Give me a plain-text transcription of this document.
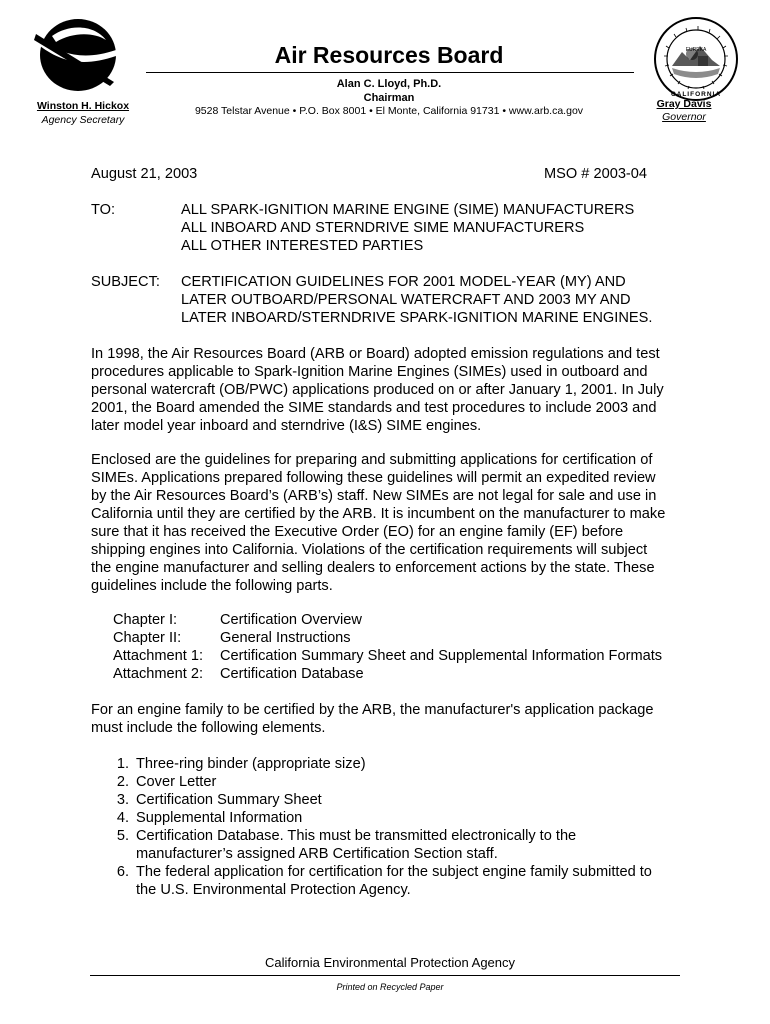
Air Resources Board
Alan C. Lloyd, Ph.D.
Chairman
9528 Telstar Avenue • P.O. Box 8001 • El Monte, California 91731 • www.arb.ca.gov
Winston H. Hickox
Agency Secretary
EUREKA
CALIFORNIA
Gray Davis
Governor
August 21, 2003	MSO # 2003-04
TO:	ALL SPARK-IGNITION MARINE ENGINE (SIME) MANUFACTURERS
ALL INBOARD AND STERNDRIVE SIME MANUFACTURERS
ALL OTHER INTERESTED PARTIES
SUBJECT: CERTIFICATION GUIDELINES FOR 2001 MODEL-YEAR (MY) AND
LATER OUTBOARD/PERSONAL WATERCRAFT AND 2003 MY AND
LATER INBOARD/STERNDRIVE SPARK-IGNITION MARINE ENGINES.

In 1998, the Air Resources Board (ARB or Board) adopted emission regulations and test

procedures applicable to Spark-Ignition Marine Engines (SIMEs) used in outboard and

personal watercraft (OB/PWC) applications produced on or after January 1, 2001. In July

2001, the Board amended the SIME standards and test procedures to include 2003 and

later model year inboard and sterndrive (I&S) SIME engines.

Enclosed are the guidelines for preparing and submitting applications for certification of

SIMEs. Applications prepared following these guidelines will permit an expedited review

by the Air Resources Board’s (ARB’s) staff. New SIMEs are not legal for sale and use in

California until they are certified by the ARB. It is incumbent on the manufacturer to make

sure that it has received the Executive Order (EO) for an engine family (EF) before

shipping engines into California. Violations of the certification requirements will subject

the engine manufacturer and selling dealers to enforcement actions by the state. These

guidelines include the following parts.

Chapter I:	Certification Overview
Chapter II:	General Instructions
Attachment 1: Certification Summary Sheet and Supplemental Information Formats
Attachment 2: Certification Database

For an engine family to be certified by the ARB, the manufacturer's application package

must include the following elements.

1. Three-ring binder (appropriate size)
2. Cover Letter
3. Certification Summary Sheet
4. Supplemental Information
5. Certification Database. This must be transmitted electronically to the
manufacturer’s assigned ARB Certification Section staff.
6. The federal application for certification for the subject engine family submitted to
the U.S. Environmental Protection Agency.
California Environmental Protection Agency
Printed on Recycled Paper
